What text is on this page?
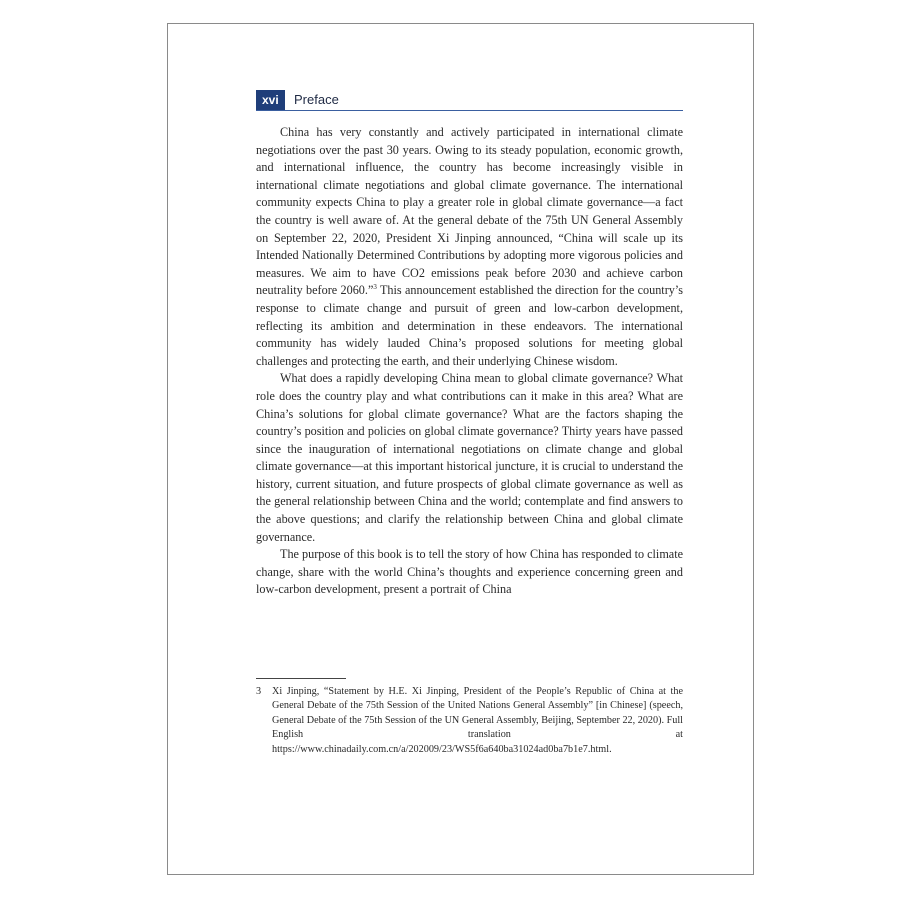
xvi	Preface

China has very constantly and actively participated in international climate negotiations over the past 30 years. Owing to its steady population, economic growth, and international influence, the country has become increasingly visible in international climate negotiations and global climate governance. The international community expects China to play a greater role in global climate governance—a fact the country is well aware of. At the general debate of the 75th UN General Assembly on September 22, 2020, President Xi Jinping announced, “China will scale up its Intended Nationally Determined Contributions by adopting more vigorous policies and measures. We aim to have CO2 emissions peak before 2030 and achieve carbon neutrality before 2060.”$^3$ This announcement established the direction for the country’s response to climate change and pursuit of green and low-carbon development, reflecting its ambition and determination in these endeavors. The international community has widely lauded China’s proposed solutions for meeting global challenges and protecting the earth, and their underlying Chinese wisdom.

What does a rapidly developing China mean to global climate governance? What role does the country play and what contributions can it make in this area? What are China’s solutions for global climate governance? What are the factors shaping the country’s position and policies on global climate governance? Thirty years have passed since the inauguration of international negotiations on climate change and global climate governance—at this important historical juncture, it is crucial to understand the history, current situation, and future prospects of global climate governance as well as the general relationship between China and the world; contemplate and find answers to the above questions; and clarify the relationship between China and global climate governance.

The purpose of this book is to tell the story of how China has responded to climate change, share with the world China’s thoughts and experience concerning green and low-carbon development, present a portrait of China

3 Xi Jinping, “Statement by H.E. Xi Jinping, President of the People’s Republic of China at the General Debate of the 75th Session of the United Nations General Assembly” [in Chinese] (speech, General Debate of the 75th Session of the UN General Assembly, Beijing, September 22, 2020). Full English translation at https://www.chinadaily.com.cn/a/202009/23/WS5f6a640ba31024ad0ba7b1e7.html.
